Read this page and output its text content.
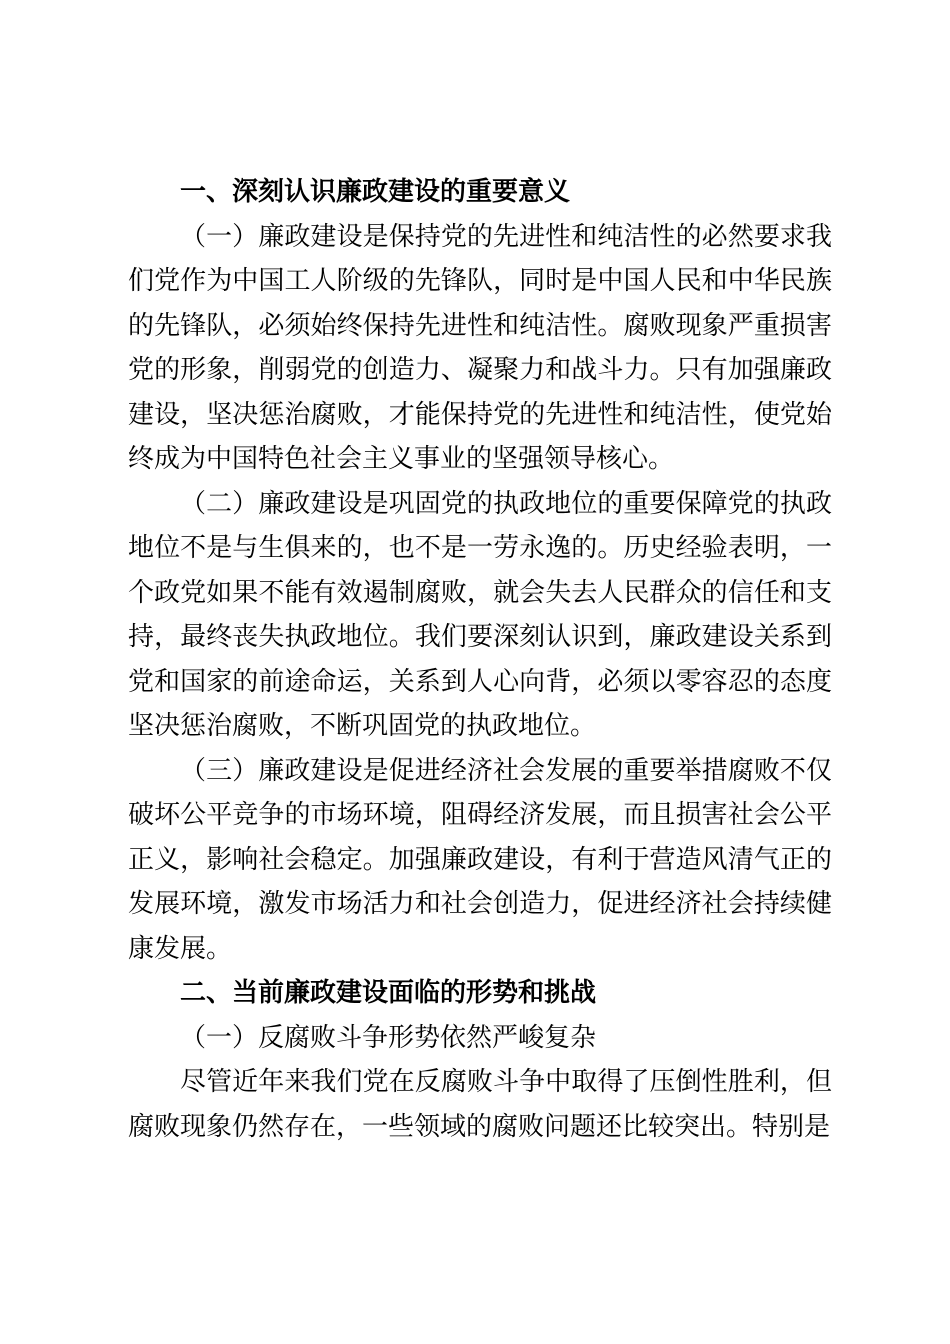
一、深刻认识廉政建设的重要意义

（一）廉政建设是保持党的先进性和纯洁性的必然要求我们党作为中国工人阶级的先锋队，同时是中国人民和中华民族的先锋队，必须始终保持先进性和纯洁性。腐败现象严重损害党的形象，削弱党的创造力、凝聚力和战斗力。只有加强廉政建设，坚决惩治腐败，才能保持党的先进性和纯洁性，使党始终成为中国特色社会主义事业的坚强领导核心。

（二）廉政建设是巩固党的执政地位的重要保障党的执政地位不是与生俱来的，也不是一劳永逸的。历史经验表明，一个政党如果不能有效遏制腐败，就会失去人民群众的信任和支持，最终丧失执政地位。我们要深刻认识到，廉政建设关系到党和国家的前途命运，关系到人心向背，必须以零容忍的态度坚决惩治腐败，不断巩固党的执政地位。

（三）廉政建设是促进经济社会发展的重要举措腐败不仅破坏公平竞争的市场环境，阻碍经济发展，而且损害社会公平正义，影响社会稳定。加强廉政建设，有利于营造风清气正的发展环境，激发市场活力和社会创造力，促进经济社会持续健康发展。

二、当前廉政建设面临的形势和挑战

（一）反腐败斗争形势依然严峻复杂

尽管近年来我们党在反腐败斗争中取得了压倒性胜利，但腐败现象仍然存在，一些领域的腐败问题还比较突出。特别是
